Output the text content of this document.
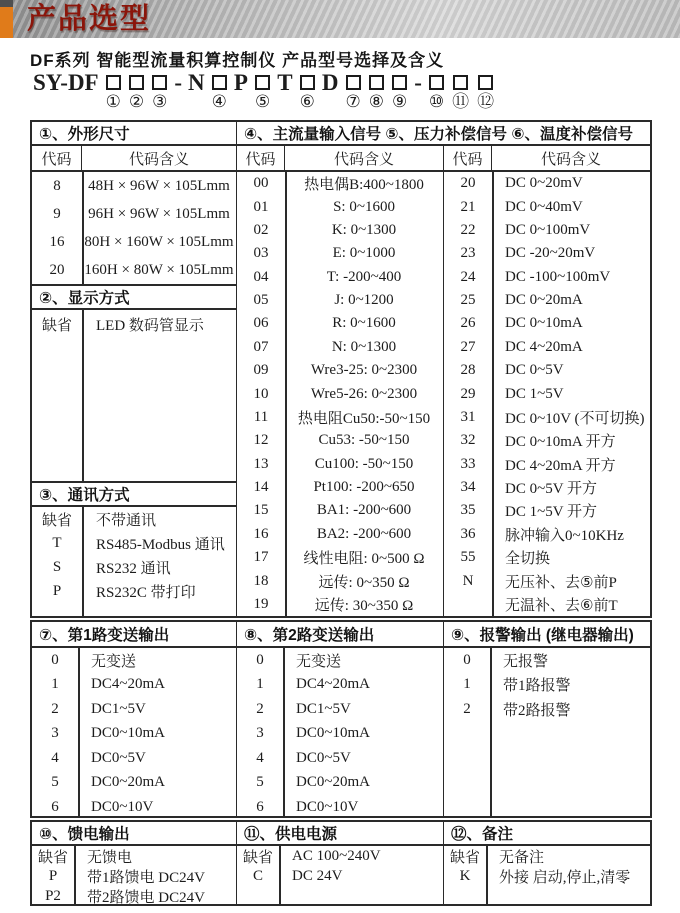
产品选型
DF系列 智能型流量积算控制仪 产品型号选择及含义
SY-DF
① ② ③
- N
④
P
⑤
T
⑥
D
⑦ ⑧ ⑨
-
⑩ ⑪ ⑫
①、外形尺寸	④、主流量输入信号 ⑤、压力补偿信号 ⑥、温度补偿信号
代码	代码含义
8	48H × 96W × 105Lmm
9	96H × 96W × 105Lmm
16	80H × 160W × 105Lmm
20	160H × 80W × 105Lmm
②、显示方式
缺省	LED 数码管显示
③、通讯方式
缺省	不带通讯
T	RS485-Modbus 通讯
S	RS232 通讯
P	RS232C 带打印
代码	代码含义
00	热电偶B:400~1800
01	S: 0~1600
02	K: 0~1300
03	E: 0~1000
04	T: -200~400
05	J: 0~1200
06	R: 0~1600
07	N: 0~1300
09	Wre3-25: 0~2300
10	Wre5-26: 0~2300
11	热电阻Cu50:-50~150
12	Cu53: -50~150
13	Cu100: -50~150
14	Pt100: -200~650
15	BA1: -200~600
16	BA2: -200~600
17	线性电阻: 0~500 Ω
18	远传: 0~350 Ω
19	远传: 30~350 Ω
代码	代码含义
20	DC 0~20mV
21	DC 0~40mV
22	DC 0~100mV
23	DC -20~20mV
24	DC -100~100mV
25	DC 0~20mA
26	DC 0~10mA
27	DC 4~20mA
28	DC 0~5V
29	DC 1~5V
31	DC 0~10V (不可切换)
32	DC 0~10mA 开方
33	DC 4~20mA 开方
34	DC 0~5V 开方
35	DC 1~5V 开方
36	脉冲输入0~10KHz
55	全切换
N	无压补、去⑤前P
无温补、去⑥前T
⑦、第1路变送输出
0	无变送
1	DC4~20mA
2	DC1~5V
3	DC0~10mA
4	DC0~5V
5	DC0~20mA
6	DC0~10V
⑧、第2路变送输出
0	无变送
1	DC4~20mA
2	DC1~5V
3	DC0~10mA
4	DC0~5V
5	DC0~20mA
6	DC0~10V
⑨、报警输出 (继电器输出)
0	无报警
1	带1路报警
2	带2路报警
⑩、馈电输出
缺省	无馈电
P	带1路馈电 DC24V
P2	带2路馈电 DC24V
⑪、供电电源
缺省	AC 100~240V
C	DC 24V
⑫、备注
缺省	无备注
K	外接 启动,停止,清零
